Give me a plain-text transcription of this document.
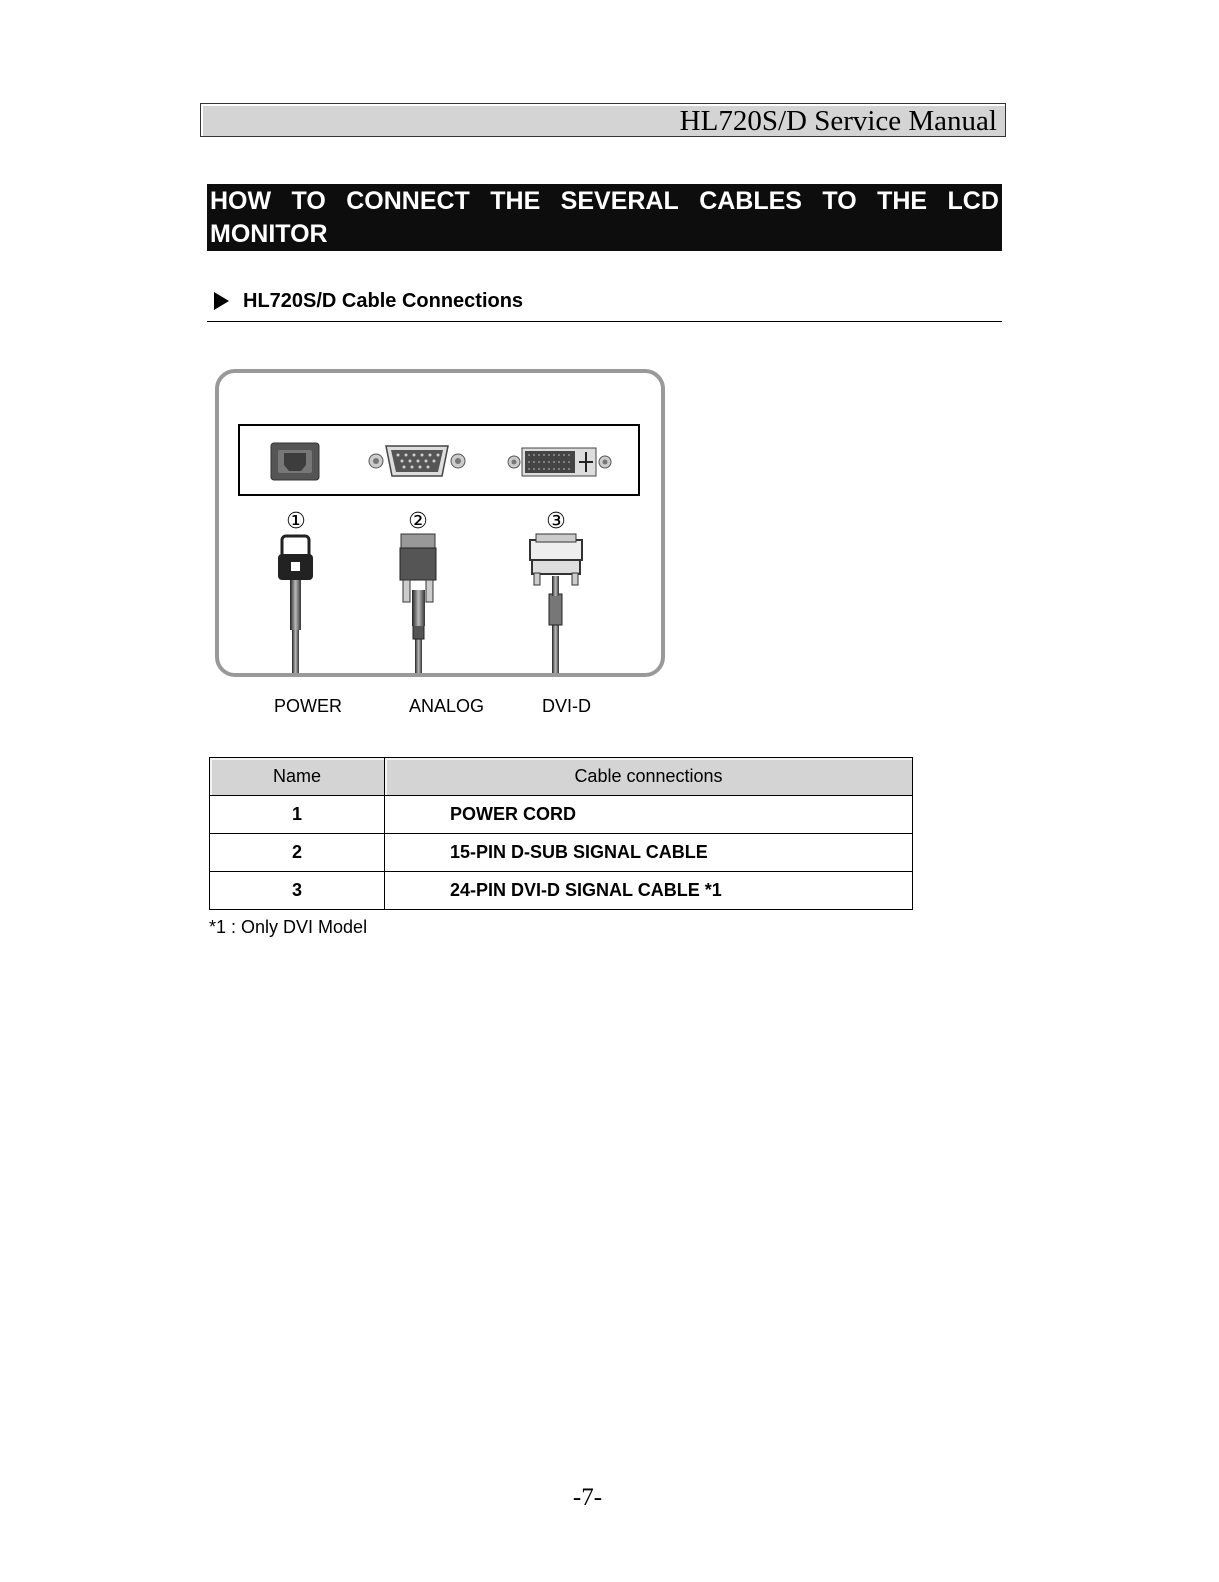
HL720S/D Service Manual
HOW TO CONNECT THE SEVERAL CABLES TO THE LCD
MONITOR
HL720S/D Cable Connections
①	②	③
POWER	ANALOG	DVI-D
Name	Cable connections
1	POWER CORD
2	15-PIN D-SUB SIGNAL CABLE
3	24-PIN DVI-D SIGNAL CABLE *1
*1 : Only DVI Model
-7-
